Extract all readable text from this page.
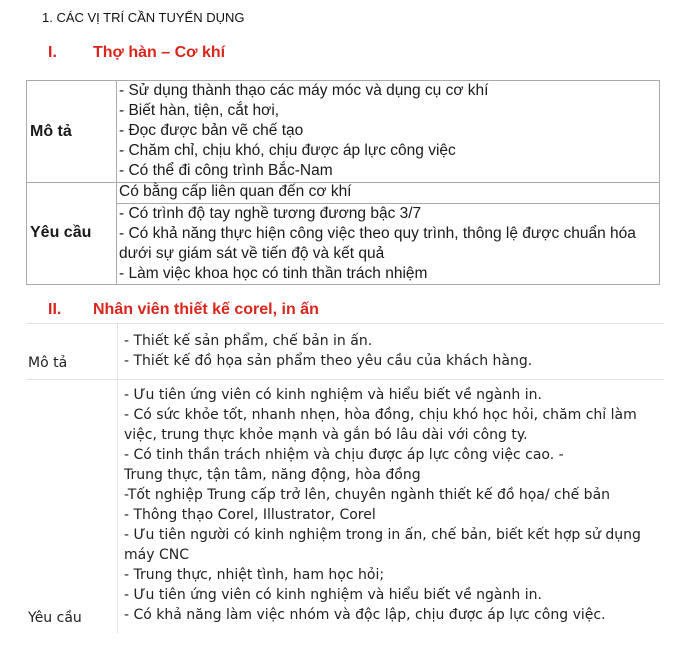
1. CÁC VỊ TRÍ CẦN TUYỂN DỤNG
I. Thợ hàn – Cơ khí
Mô tả
- Sử dụng thành thạo các máy móc và dụng cụ cơ khí
- Biết hàn, tiện, cắt hơi,
- Đọc được bản vẽ chế tạo
- Chăm chỉ, chịu khó, chịu được áp lực công việc
- Có thể đi công trình Bắc-Nam
Yêu cầu
Có bằng cấp liên quan đến cơ khí
- Có trình độ tay nghề tương đương bậc 3/7
- Có khả năng thực hiện công việc theo quy trình, thông lệ được chuẩn hóa dưới sự giám sát về tiến độ và kết quả
- Làm việc khoa học có tinh thần trách nhiệm
II. Nhân viên thiết kế corel, in ấn
Mô tả
- Thiết kế sản phẩm, chế bản in ấn.
- Thiết kế đồ họa sản phẩm theo yêu cầu của khách hàng.
Yêu cầu
- Ưu tiên ứng viên có kinh nghiệm và hiểu biết về ngành in.
- Có sức khỏe tốt, nhanh nhẹn, hòa đồng, chịu khó học hỏi, chăm chỉ làm việc, trung thực khỏe mạnh và gắn bó lâu dài với công ty.
- Có tinh thần trách nhiệm và chịu được áp lực công việc cao. -
Trung thực, tận tâm, năng động, hòa đồng
-Tốt nghiệp Trung cấp trở lên, chuyên ngành thiết kế đồ họa/ chế bản
- Thông thạo Corel, Illustrator, Corel
- Ưu tiên người có kinh nghiệm trong in ấn, chế bản, biết kết hợp sử dụng máy CNC
- Trung thực, nhiệt tình, ham học hỏi;
- Ưu tiên ứng viên có kinh nghiệm và hiểu biết về ngành in.
- Có khả năng làm việc nhóm và độc lập, chịu được áp lực công việc.
